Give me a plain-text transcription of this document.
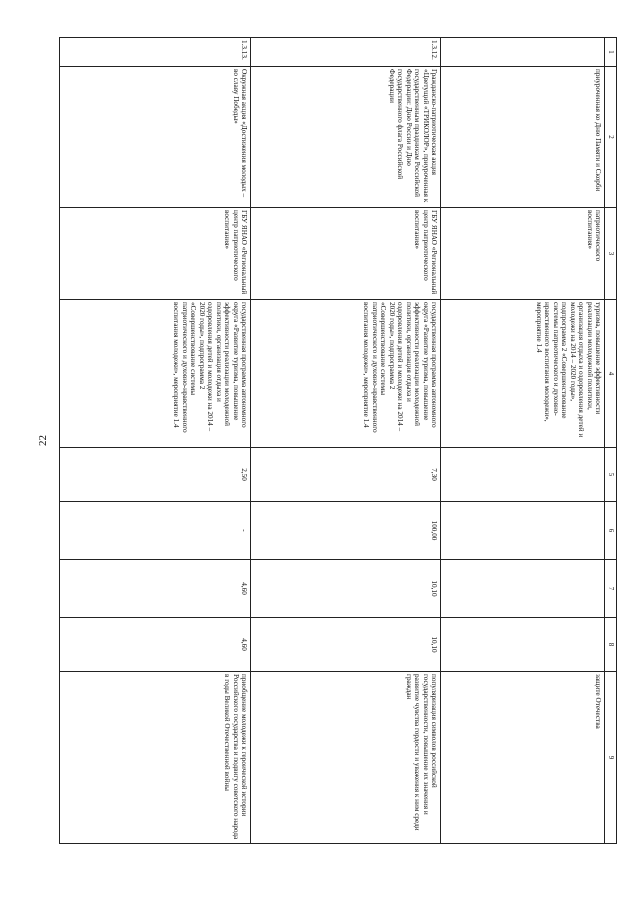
22
1	2	3	4	5	6	7	8	9
	приуроченная ко Дню Памяти и Скорби	патриотического воспитания»	туризма, повышение эффективности реализации молодежной политики, организация отдыха и оздоровления детей и молодежи на 2014 – 2020 годы», подпрограмма 2 «Совершенствование системы патриотического и духовно-нравственного воспитания молодежи», мероприятие 1.4					защите Отечества
1.3.12.	Гражданско-патриотическая акция «Цветущий «ТРИКОЛОР», приуроченная к государственным праздникам Российской Федерации: Дню России и Дню государственного флага Российской Федерации	ГБУ ЯНАО «Региональный центр патриотического воспитания»	государственная программа автономного округа «Развитие туризма, повышение эффективности реализации молодежной политики, организация отдыха и оздоровления детей и молодежи на 2014 – 2020 годы», подпрограмма 2 «Совершенствование системы патриотического и духовно-нравственного воспитания молодежи», мероприятие 1.4	7,30	100,00	10,10	10,10	популяризация символов российской государственности, повышение их значения и развитие чувства гордости и уважения к ним среди граждан
1.3.13.	Окружная акция «Достижения молодых – во славу Победы»	ГБУ ЯНАО «Региональный центр патриотического воспитания»	государственная программа автономного округа «Развитие туризма, повышение эффективности реализации молодежной политики, организация отдыха и оздоровления детей и молодежи на 2014 – 2020 годы», подпрограмма 2 «Совершенствование системы патриотического и духовно-нравственного воспитания молодежи», мероприятие 1.4	2,50	-	4,60	4,60	приобщение молодежи к героической истории Российского государства и подвигу советского народа в годы Великой Отечественной войны
